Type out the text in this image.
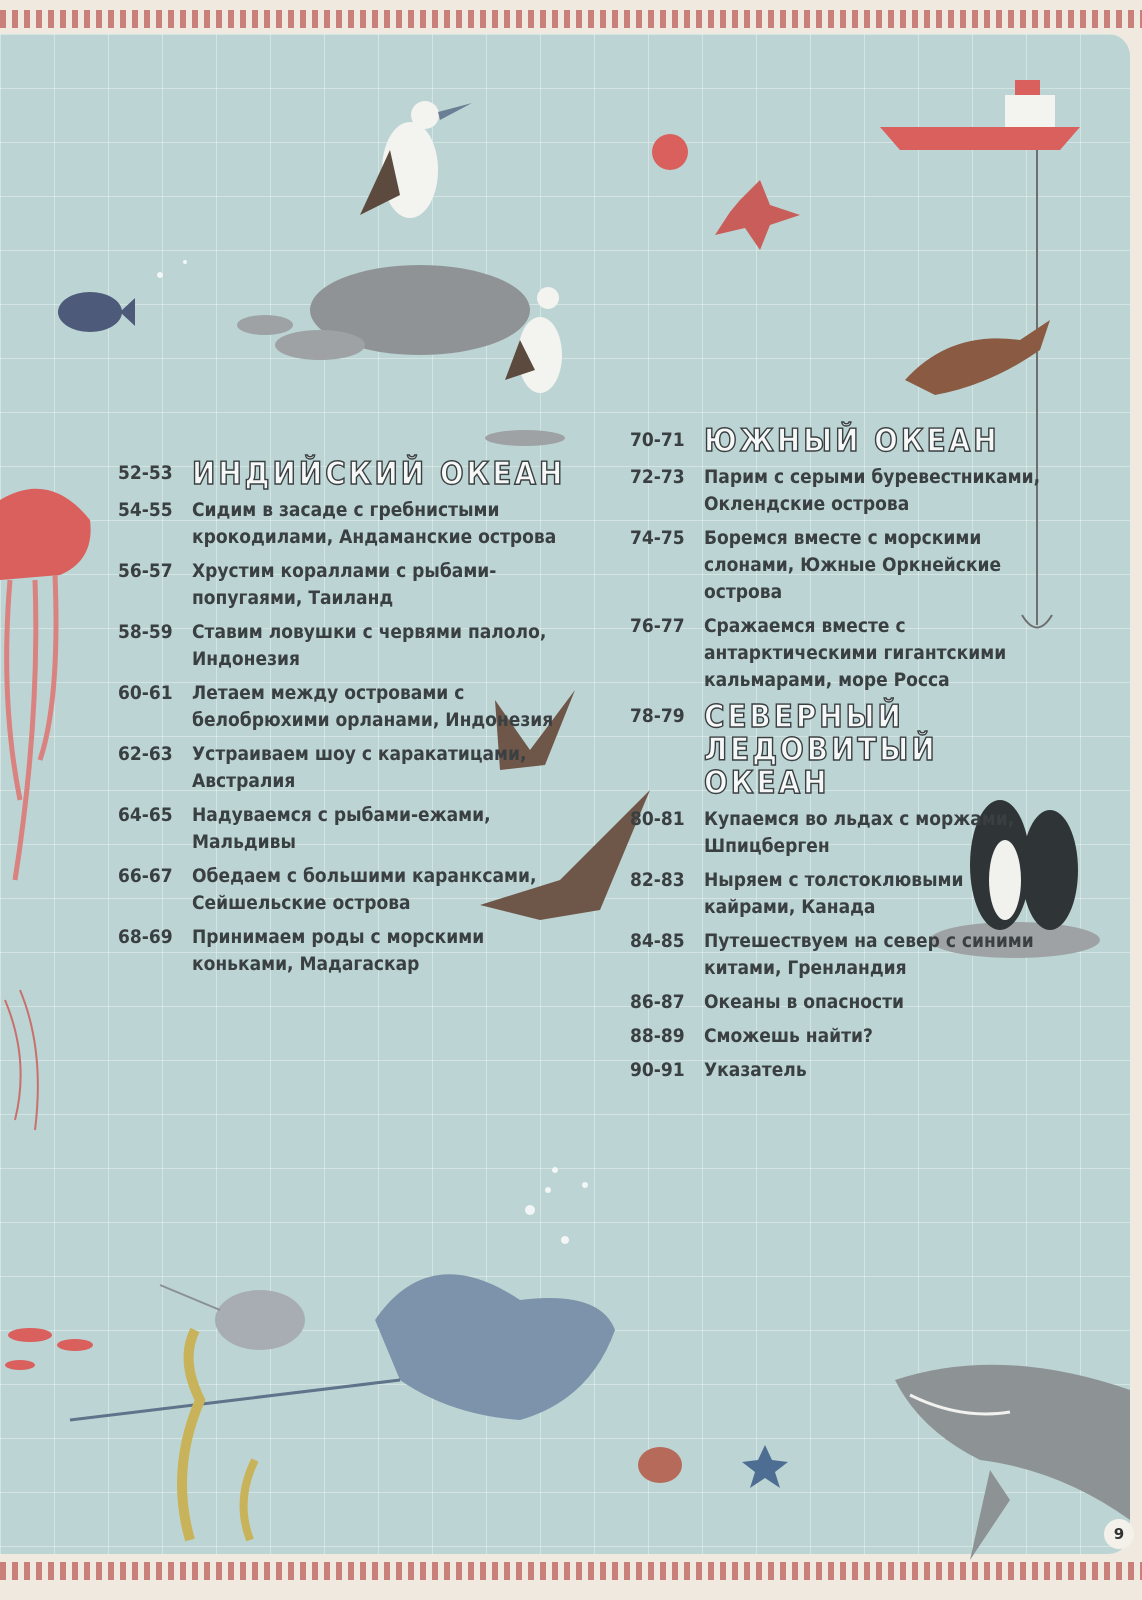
52-53 ИНДИЙСКИЙ ОКЕАН
54-55	Сидим в засаде с гребнистыми крокодилами, Андаманские острова
56-57	Хрустим кораллами с рыбами-попугаями, Таиланд
58-59	Ставим ловушки с червями палоло, Индонезия
60-61	Летаем между островами с белобрюхими орланами, Индонезия
62-63	Устраиваем шоу с каракатицами, Австралия
64-65	Надуваемся с рыбами-ежами, Мальдивы
66-67	Обедаем с большими каранксами, Сейшельские острова
68-69	Принимаем роды с морскими коньками, Мадагаскар
70-71 ЮЖНЫЙ ОКЕАН
72-73	Парим с серыми буревестниками, Оклендские острова
74-75	Боремся вместе с морскими слонами, Южные Оркнейские острова
76-77	Сражаемся вместе с антарктическими гигантскими кальмарами, море Росса
78-79 СЕВЕРНЫЙ ЛЕДОВИТЫЙ ОКЕАН
80-81	Купаемся во льдах с моржами, Шпицберген
82-83	Ныряем с толстоклювыми кайрами, Канада
84-85	Путешествуем на север с синими китами, Гренландия
86-87	Океаны в опасности
88-89	Сможешь найти?
90-91	Указатель
9
